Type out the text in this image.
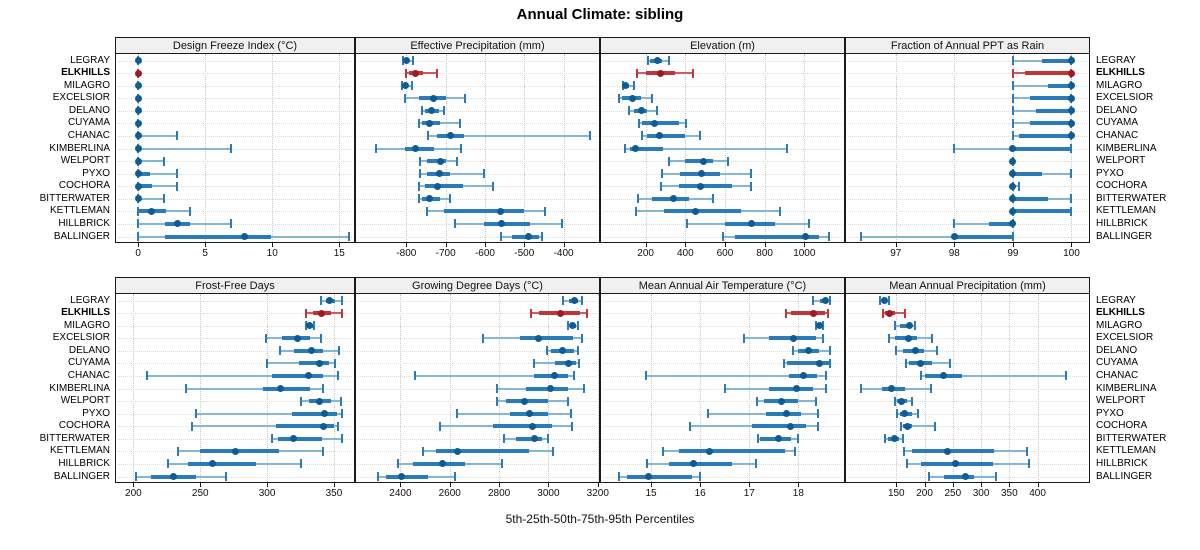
Annual Climate: sibling
Design Freeze Index (°C)
0	5	10	15
Effective Precipitation (mm)
-800 -700 -600 -500 -400
Elevation (m)
200 400 600 800 1000
Fraction of Annual PPT as Rain
97	98	99	100
Frost-Free Days
200	250	300	350
Growing Degree Days (°C)
2400	2600	2800	3000	3200
Mean Annual Air Temperature (°C)
15	16	17	18
Mean Annual Precipitation (mm)
150 200 250 300 350 400
LEGRAY	LEGRAY
ELKHILLS	ELKHILLS
MILAGRO	MILAGRO
EXCELSIOR	EXCELSIOR
DELANO	DELANO
CUYAMA	CUYAMA
CHANAC	CHANAC
KIMBERLINA	KIMBERLINA
WELPORT	WELPORT
PYXO	PYXO
COCHORA	COCHORA
BITTERWATER	BITTERWATER
KETTLEMAN	KETTLEMAN
HILLBRICK	HILLBRICK
BALLINGER	BALLINGER
LEGRAY	LEGRAY
ELKHILLS	ELKHILLS
MILAGRO	MILAGRO
EXCELSIOR	EXCELSIOR
DELANO	DELANO
CUYAMA	CUYAMA
CHANAC	CHANAC
KIMBERLINA	KIMBERLINA
WELPORT	WELPORT
PYXO	PYXO
COCHORA	COCHORA
BITTERWATER	BITTERWATER
KETTLEMAN	KETTLEMAN
HILLBRICK	HILLBRICK
BALLINGER	BALLINGER
5th-25th-50th-75th-95th Percentiles
